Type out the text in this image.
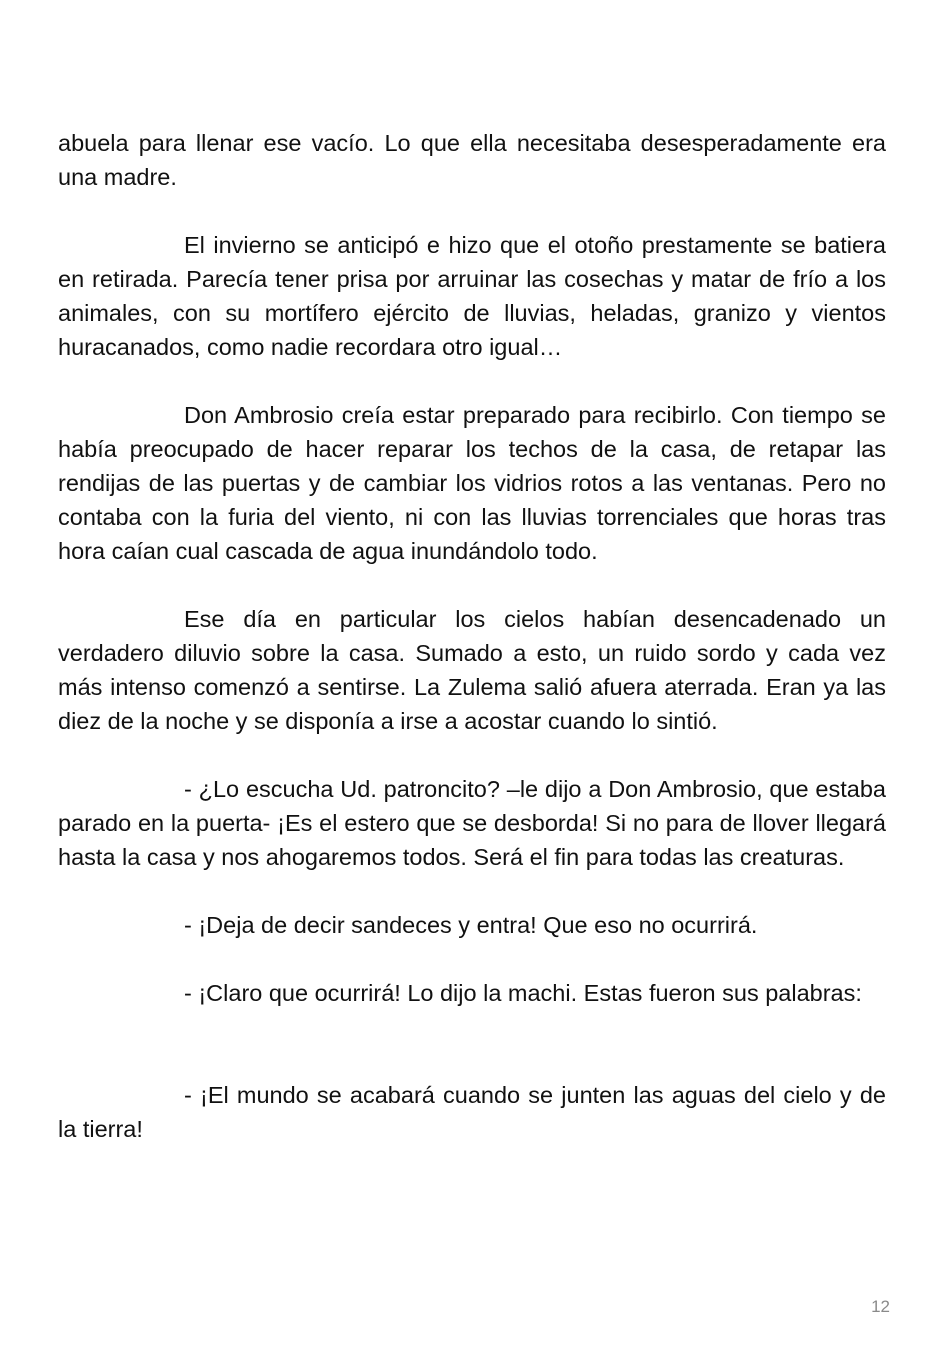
abuela para llenar ese vacío. Lo que ella necesitaba desesperadamente era una madre.

El invierno se anticipó e hizo que el otoño prestamente se batiera en retirada. Parecía tener prisa por arruinar las cosechas y matar de frío a los animales, con su mortífero ejército de lluvias, heladas, granizo y vientos huracanados, como nadie recordara otro igual…

Don Ambrosio creía estar preparado para recibirlo. Con tiempo se había preocupado de hacer reparar los techos de la casa, de retapar las rendijas de las puertas y de cambiar los vidrios rotos a las ventanas. Pero no contaba con la furia del viento, ni con las lluvias torrenciales que horas tras hora caían cual cascada de agua inundándolo todo.

Ese día en particular los cielos habían desencadenado un verdadero diluvio sobre la casa. Sumado a esto, un ruido sordo y cada vez más intenso comenzó a sentirse. La Zulema salió afuera aterrada. Eran ya las diez de la noche y se disponía a irse a acostar cuando lo sintió.

- ¿Lo escucha Ud. patroncito? –le dijo a Don Ambrosio, que estaba parado en la puerta- ¡Es el estero que se desborda! Si no para de llover llegará hasta la casa y nos ahogaremos todos. Será el fin para todas las creaturas.

- ¡Deja de decir sandeces y entra! Que eso no ocurrirá.

- ¡Claro que ocurrirá! Lo dijo la machi. Estas fueron sus palabras:

- ¡El mundo se acabará cuando se junten las aguas del cielo y de la tierra!

12
